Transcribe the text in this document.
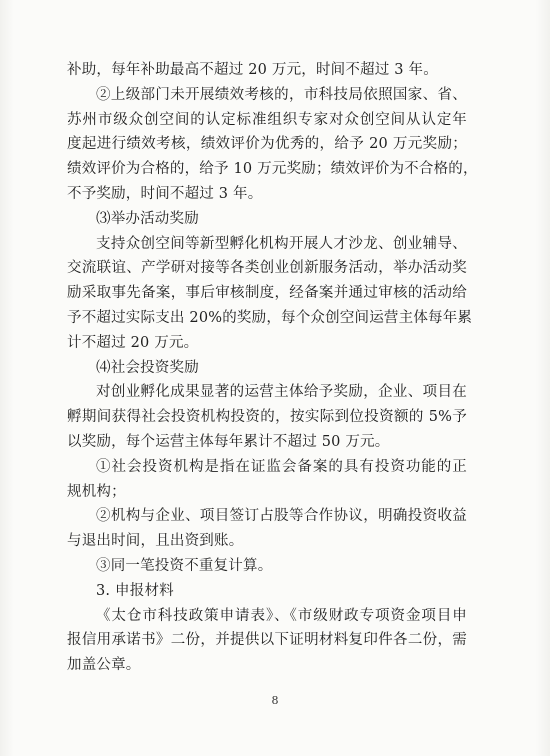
补助，每年补助最高不超过 20 万元，时间不超过 3 年。
②上级部门未开展绩效考核的，市科技局依照国家、省、
苏州市级众创空间的认定标准组织专家对众创空间从认定年
度起进行绩效考核，绩效评价为优秀的，给予 20 万元奖励；
绩效评价为合格的，给予 10 万元奖励；绩效评价为不合格的，
不予奖励，时间不超过 3 年。
⑶举办活动奖励
支持众创空间等新型孵化机构开展人才沙龙、创业辅导、
交流联谊、产学研对接等各类创业创新服务活动，举办活动奖
励采取事先备案，事后审核制度，经备案并通过审核的活动给
予不超过实际支出 20%的奖励，每个众创空间运营主体每年累
计不超过 20 万元。
⑷社会投资奖励
对创业孵化成果显著的运营主体给予奖励，企业、项目在
孵期间获得社会投资机构投资的，按实际到位投资额的 5%予
以奖励，每个运营主体每年累计不超过 50 万元。
①社会投资机构是指在证监会备案的具有投资功能的正
规机构；
②机构与企业、项目签订占股等合作协议，明确投资收益
与退出时间，且出资到账。
③同一笔投资不重复计算。
3. 申报材料
《太仓市科技政策申请表》、《市级财政专项资金项目申
报信用承诺书》二份，并提供以下证明材料复印件各二份，需
加盖公章。
8
